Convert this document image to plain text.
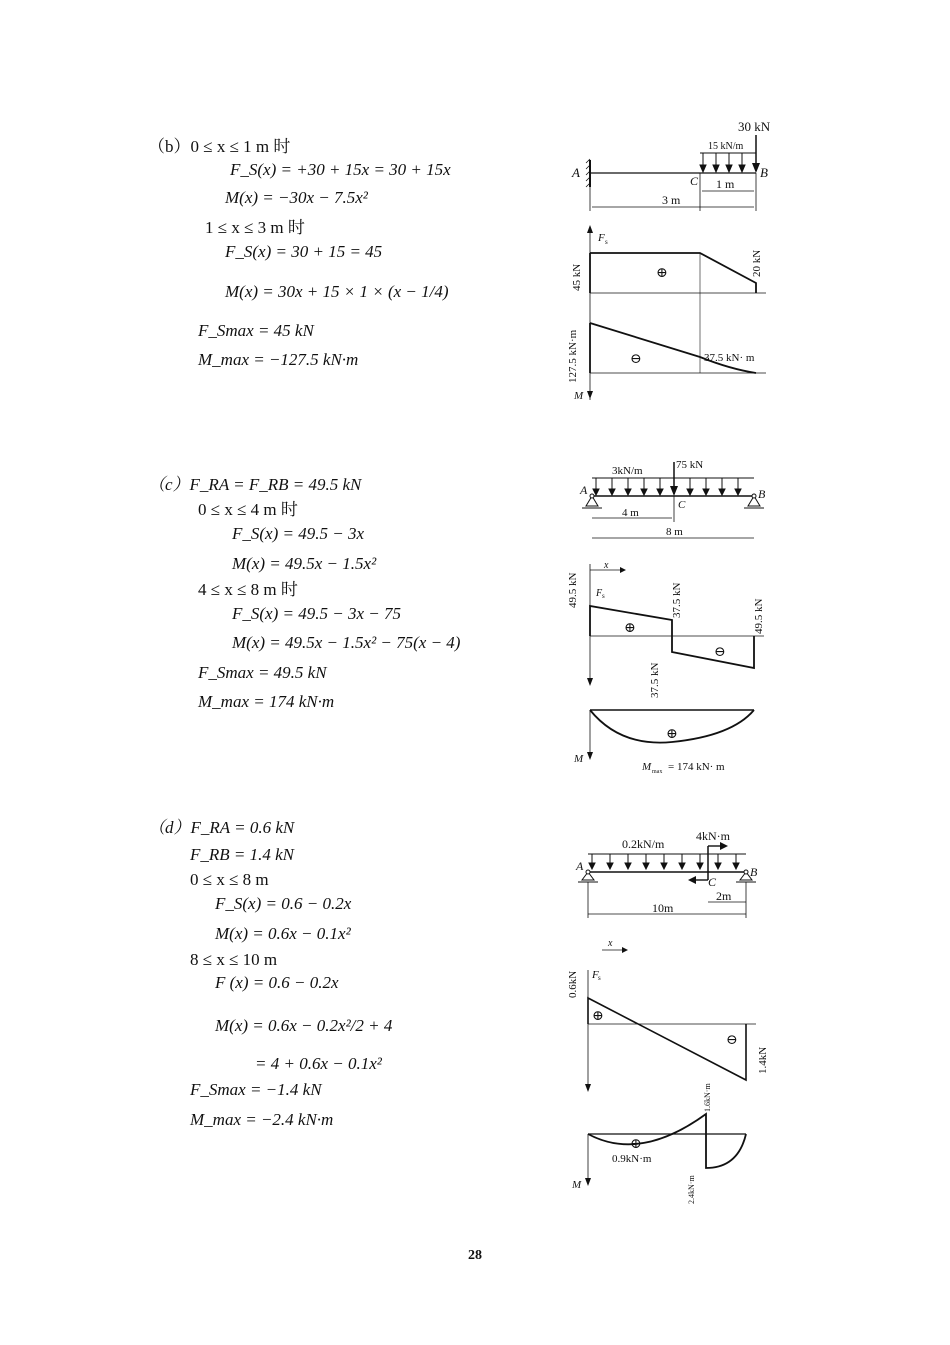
（b）0 ≤ x ≤ 1 m 时
F_S(x) = +30 + 15x = 30 + 15x
M(x) = −30x − 7.5x²
1 ≤ x ≤ 3 m 时
F_S(x) = 30 + 15 = 45
M(x) = 30x + 15 × 1 × (x − 1/4)
F_Smax = 45 kN
M_max = −127.5 kN·m
30 kN
15 kN/m
A	B
C 1 m
3 m
F s
⊕
45 kN
20 kN
⊖
127.5 kN·m	37.5 kN· m
M
（c）F_RA = F_RB = 49.5 kN
0 ≤ x ≤ 4 m 时
F_S(x) = 49.5 − 3x
M(x) = 49.5x − 1.5x²
4 ≤ x ≤ 8 m 时
F_S(x) = 49.5 − 3x − 75
M(x) = 49.5x − 1.5x² − 75(x − 4)
F_Smax = 49.5 kN
M_max = 174 kN·m
3kN/m	75 kN
A	B
C
4 m
8 m
x
F s
⊕
⊖
49.5 kN	37.5 kN
37.5 kN
49.5 kN
M
⊕
M max = 174 kN· m
（d）F_RA = 0.6 kN
F_RB = 1.4 kN
0 ≤ x ≤ 8 m
F_S(x) = 0.6 − 0.2x
M(x) = 0.6x − 0.1x²
8 ≤ x ≤ 10 m
F (x) = 0.6 − 0.2x
M(x) = 0.6x − 0.2x²/2 + 4
= 4 + 0.6x − 0.1x²
F_Smax = −1.4 kN
M_max = −2.4 kN·m
0.2kN/m
4kN·m
A	B
C
10m
2m
x
F s
⊕
⊖
0.6kN
1.4kN
M
⊕
0.9kN·m
1.6kN·m
2.4kN·m
28
